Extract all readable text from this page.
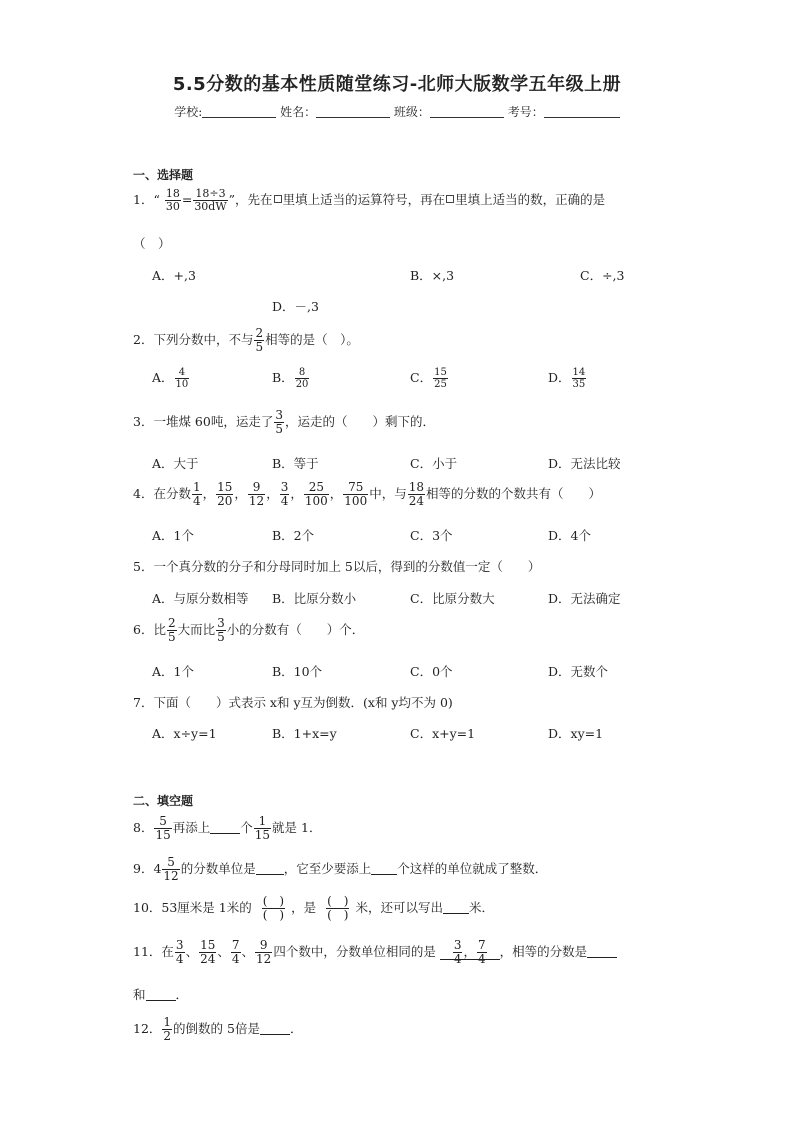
5.5分数的基本性质随堂练习-北师大版数学五年级上册
学校:	姓名：	班级：	考号：
一、选择题
1．“ $\frac{18}{30} = \frac{18\div 3}{30dW}$ ”，先在 里填上适当的运算符号，再在 里填上适当的数，正确的是
（　）
A．+,3	B．×,3	C．÷,3
D．－,3
2．下列分数中，不与 $\frac{2}{5}$ 相等的是（　）。
A． $\frac{4}{10}$	B． $\frac{8}{20}$	C． $\frac{15}{25}$	D． $\frac{14}{35}$
3．一堆煤 60吨，运走了 $\frac{3}{5}$ ，运走的（　　）剩下的．
A．大于	B．等于	C．小于	D．无法比较
4．在分数 $\frac{1}{4}$ ， $\frac{15}{20}$ ， $\frac{9}{12}$ ， $\frac{3}{4}$ ， $\frac{25}{100}$ ， $\frac{75}{100}$ 中，与 $\frac{18}{24}$ 相等的分数的个数共有（　　）
A．1个	B．2个	C．3个	D．4个
5．一个真分数的分子和分母同时加上 5以后，得到的分数值一定（　　）
A．与原分数相等 B．比原分数小	C．比原分数大	D．无法确定
6．比 $\frac{2}{5}$ 大而比 $\frac{3}{5}$ 小的分数有（　　）个．
A．1个	B．10个	C．0个	D．无数个
7．下面（　　）式表示 x和 y互为倒数．(x和 y均不为 0)
A．x÷y=1	B．1+x=y	C．x+y=1	D．xy=1
二、填空题
8． $\frac{5}{15}$ 再添上 个 $\frac{1}{15}$ 就是 1．
9．$4 \frac{5}{12}$ 的分数单位是 ，它至少要添上 个这样的单位就成了整数．
10．53厘米是 1米的 $\frac{( )}{( )}$ ，是 $\frac{( )}{( )}$ 米，还可以写出 米．
11．在 $\frac{3}{4}$ 、 $\frac{15}{24}$ 、 $\frac{7}{4}$ 、 $\frac{9}{12}$ 四个数中，分数单位相同的是 $\frac{3}{4}$ ， $\frac{7}{4}$ ，相等的分数是
和 ．
12． $\frac{1}{2}$ 的倒数的 5倍是 ．
